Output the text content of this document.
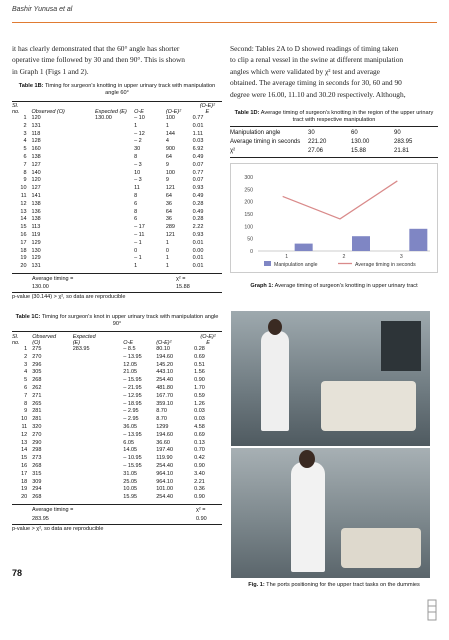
Bashir Yunusa et al
it has clearly demonstrated that the 60° angle has shorter
operative time followed by 30 and then 90°. This is shown
in Graph 1 (Figs 1 and 2).
Table 1B: Timing for surgeon's knotting in upper urinary track with manipulation angle 60°
Sl.					(O-E)²
no.	Observed (O)	Expected (E)	O-E	(O-E)²	E
1	120	130.00	– 10	100	0.77
2	131		1	1	0.01
3	118		– 12	144	1.11
4	128		– 2	4	0.03
5	160		30	900	6.92
6	138		8	64	0.49
7	127		– 3	9	0.07
8	140		10	100	0.77
9	120		– 3	9	0.07
10	127		11	121	0.93
11	141		8	64	0.49
12	138		6	36	0.28
13	136		8	64	0.49
14	138		6	36	0.28
15	113		– 17	289	2.22
16	119		– 11	121	0.93
17	129		– 1	1	0.01
18	130		0	0	0.00
19	129		– 1	1	0.01
20	131		1	1	0.01
Average timing =
130.00
χ² =
15.88
p-value (30.144) > χ², so data are reproducible
Table 1C: Timing for surgeon's knot in upper urinary track with manipulation angle 90°
Sl.	Observed	Expected			(O-E)²
no.	(O)	(E)	O-E	(O-E)²	E
1	275	283.95	– 8.5	80.10	0.28
2	270		– 13.95	194.60	0.69
3	296		12.05	145.20	0.51
4	305		21.05	443.10	1.56
5	268		– 15.95	254.40	0.90
6	262		– 21.95	481.80	1.70
7	271		– 12.95	167.70	0.59
8	265		– 18.95	359.10	1.26
9	281		– 2.95	8.70	0.03
10	281		– 2.95	8.70	0.03
11	320		36.05	1299	4.58
12	270		– 13.95	194.60	0.69
13	290		6.05	36.60	0.13
14	298		14.05	197.40	0.70
15	273		– 10.95	119.90	0.42
16	268		– 15.95	254.40	0.90
17	315		31.05	964.10	3.40
18	309		25.05	964.10	2.21
19	294		10.05	101.00	0.36
20	268		15.95	254.40	0.90
Average timing =
283.95
χ² =
0.90
p-value > χ², so data are reproducible
78
Second: Tables 2A to D showed readings of timing taken
to clip a renal vessel in the swine at different manipulation
angles which were validated by χ² test and average
obtained. The average timing in seconds for 30, 60 and 90
degree were 16.00, 11.10 and 30.20 respectively. Although,
Table 1D: Average timing of surgeon's knotting in the region of the upper urinary tract with respective manipulation
Manipulation angle	30	60	90
Average timing in seconds	221.20	130.00	283.95
χ²	27.06	15.88	21.81
0
50
100
150
200
250
300
1	2	3
Manipulation angle	Average timing in seconds
Graph 1: Average timing of surgeon's knotting in upper urinary tract
Fig. 1: The ports positioning for the upper tract tasks on the dummies
